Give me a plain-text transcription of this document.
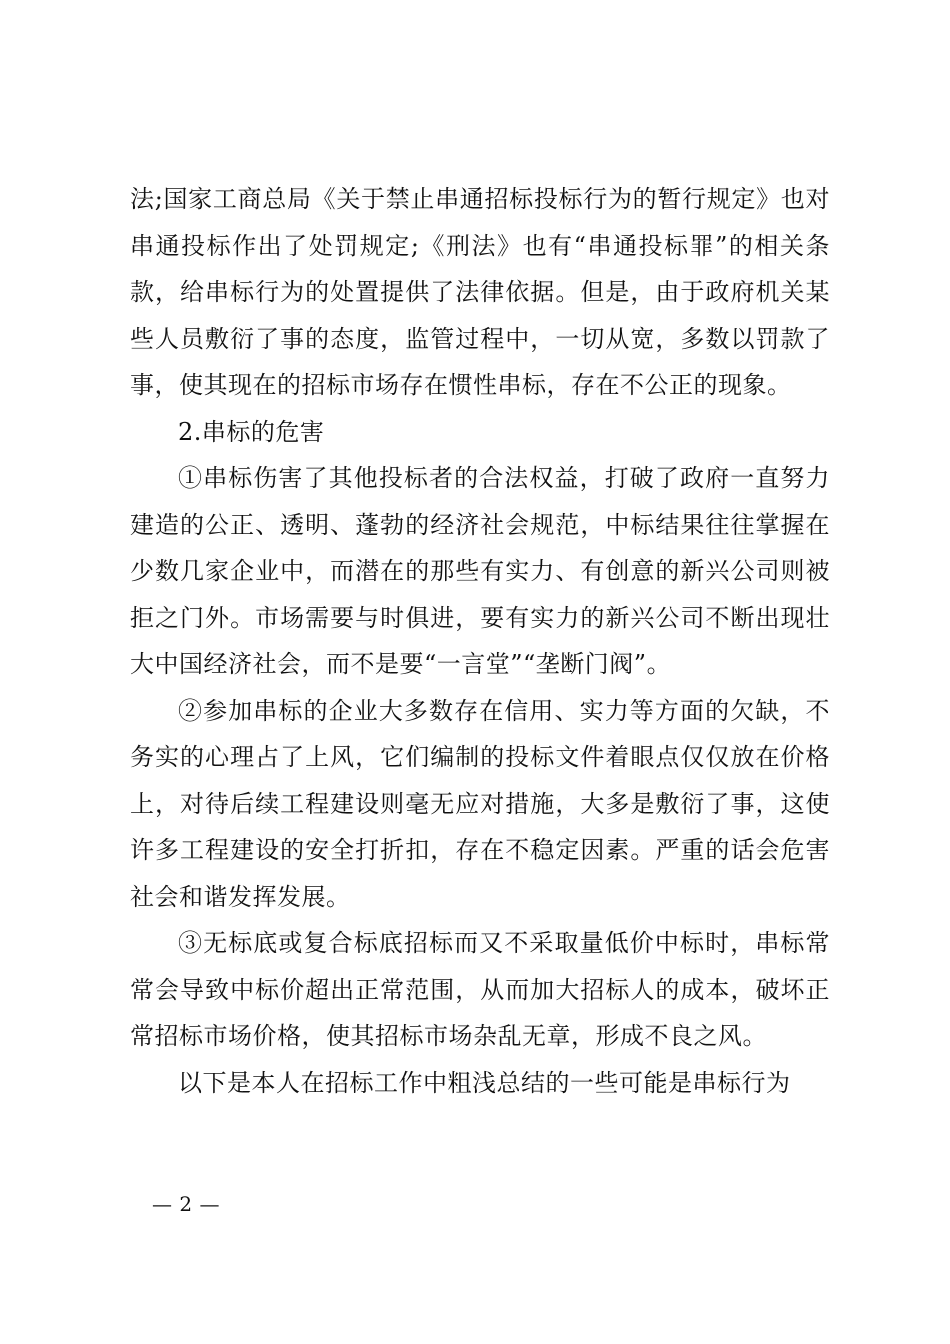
法;国家工商总局《关于禁止串通招标投标行为的暂行规定》也对串通投标作出了处罚规定;《刑法》也有“串通投标罪”的相关条款，给串标行为的处置提供了法律依据。但是，由于政府机关某些人员敷衍了事的态度，监管过程中，一切从宽，多数以罚款了事，使其现在的招标市场存在惯性串标，存在不公正的现象。

2.串标的危害

①串标伤害了其他投标者的合法权益，打破了政府一直努力建造的公正、透明、蓬勃的经济社会规范，中标结果往往掌握在少数几家企业中，而潜在的那些有实力、有创意的新兴公司则被拒之门外。市场需要与时俱进，要有实力的新兴公司不断出现壮大中国经济社会，而不是要“一言堂”“垄断门阀”。

②参加串标的企业大多数存在信用、实力等方面的欠缺，不务实的心理占了上风，它们编制的投标文件着眼点仅仅放在价格上，对待后续工程建设则毫无应对措施，大多是敷衍了事，这使许多工程建设的安全打折扣，存在不稳定因素。严重的话会危害社会和谐发挥发展。

③无标底或复合标底招标而又不采取量低价中标时，串标常常会导致中标价超出正常范围，从而加大招标人的成本，破坏正常招标市场价格，使其招标市场杂乱无章，形成不良之风。

以下是本人在招标工作中粗浅总结的一些可能是串标行为

— 2 —
